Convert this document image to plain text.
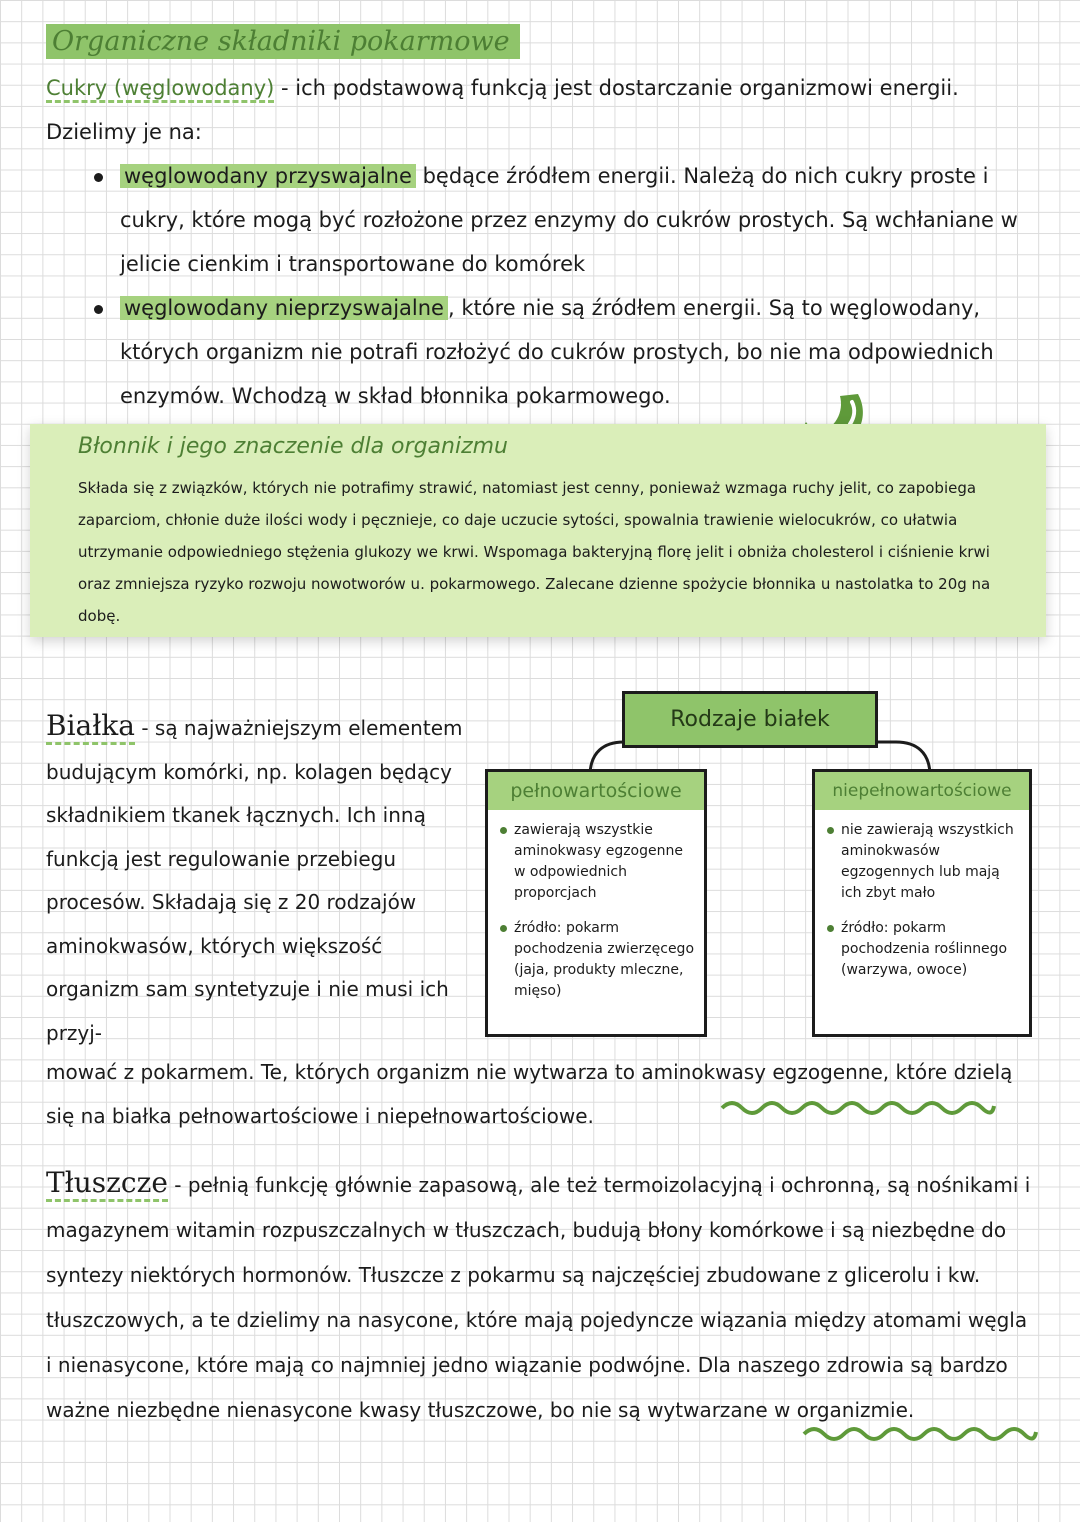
Organiczne składniki pokarmowe
Cukry (węglowodany) - ich podstawową funkcją jest dostarczanie organizmowi energii. Dzielimy je na:
węglowodany przyswajalne będące źródłem energii. Należą do nich cukry proste i cukry, które mogą być rozłożone przez enzymy do cukrów prostych. Są wchłaniane w jelicie cienkim i transportowane do komórek
węglowodany nieprzyswajalne , które nie są źródłem energii. Są to węglowodany, których organizm nie potrafi rozłożyć do cukrów prostych, bo nie ma odpowiednich enzymów. Wchodzą w skład błonnika pokarmowego.
Błonnik i jego znaczenie dla organizmu
Składa się z związków, których nie potrafimy strawić, natomiast jest cenny, ponieważ wzmaga ruchy jelit, co zapobiega zaparciom, chłonie duże ilości wody i pęcznieje, co daje uczucie sytości, spowalnia trawienie wielocukrów, co ułatwia utrzymanie odpowiedniego stężenia glukozy we krwi. Wspomaga bakteryjną florę jelit i obniża cholesterol i ciśnienie krwi oraz zmniejsza ryzyko rozwoju nowotworów u. pokarmowego. Zalecane dzienne spożycie błonnika u nastolatka to 20g na dobę.
Białka - są najważniejszym elementem budującym komórki, np. kolagen będący składnikiem tkanek łącznych. Ich inną funkcją jest regulowanie przebiegu procesów. Składają się z 20 rodzajów aminokwasów, których większość organizm sam syntetyzuje i nie musi ich przyj-
mować z pokarmem. Te, których organizm nie wytwarza to aminokwasy egzogenne, które dzielą się na białka pełnowartościowe i niepełnowartościowe.
Rodzaje białek
pełnowartościowe

zawierają wszystkie aminokwasy egzogenne w odpowiednich proporcjach

źródło: pokarm pochodzenia zwierzęcego (jaja, produkty mleczne, mięso)

niepełnowartościowe

nie zawierają wszystkich aminokwasów egzogennych lub mają ich zbyt mało

źródło: pokarm pochodzenia roślinnego (warzywa, owoce)

Tłuszcze - pełnią funkcję głównie zapasową, ale też termoizolacyjną i ochronną, są nośnikami i magazynem witamin rozpuszczalnych w tłuszczach, budują błony komórkowe i są niezbędne do syntezy niektórych hormonów. Tłuszcze z pokarmu są najczęściej zbudowane z glicerolu i kw. tłuszczowych, a te dzielimy na nasycone, które mają pojedyncze wiązania między atomami węgla i nienasycone, które mają co najmniej jedno wiązanie podwójne. Dla naszego zdrowia są bardzo ważne niezbędne nienasycone kwasy tłuszczowe, bo nie są wytwarzane w organizmie.
